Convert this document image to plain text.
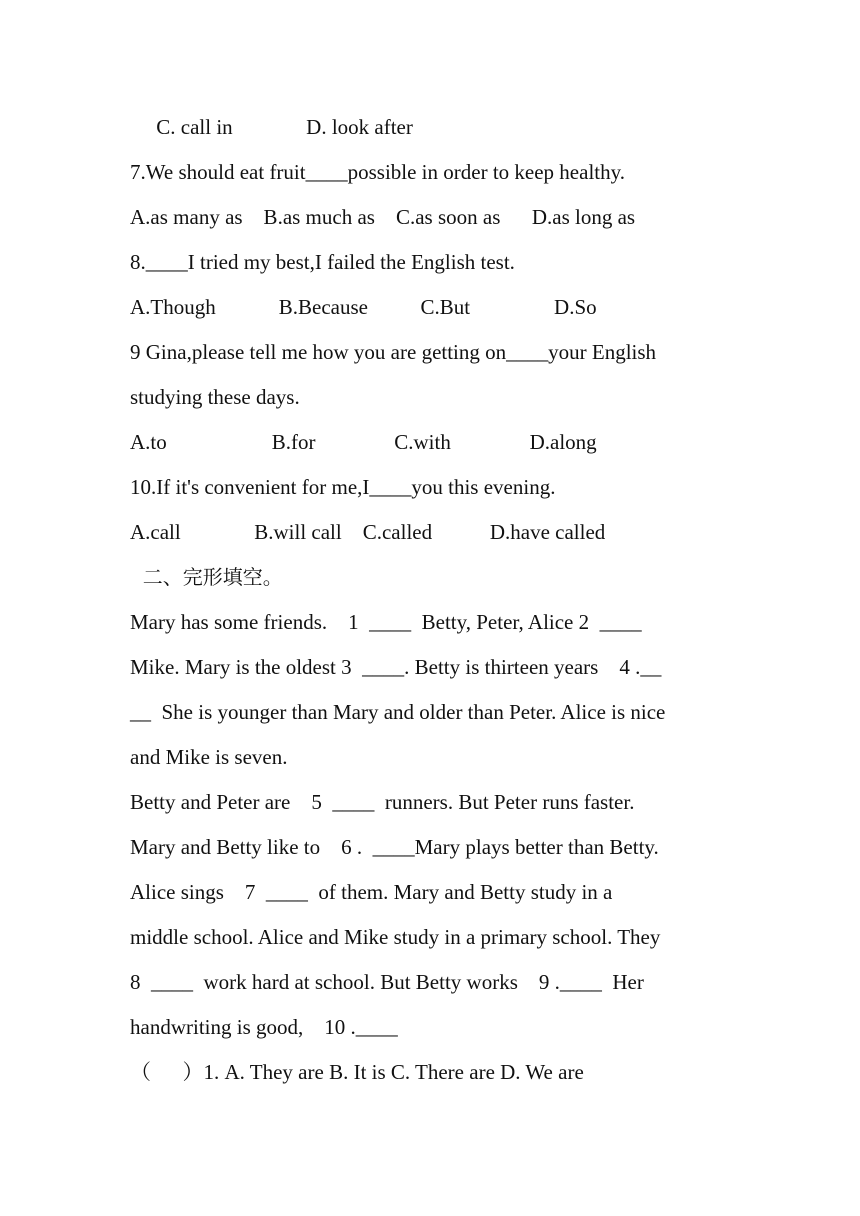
C. call in              D. look after
7.We should eat fruit____possible in order to keep healthy.
A.as many as    B.as much as    C.as soon as      D.as long as
8.____I tried my best,I failed the English test.
A.Though            B.Because          C.But                D.So
9 Gina,please tell me how you are getting on____your English
studying these days.
A.to                    B.for               C.with               D.along
10.If it's convenient for me,I____you this evening.
A.call              B.will call    C.called           D.have called
二、完形填空。
Mary has some friends.    1  ____  Betty, Peter, Alice 2  ____
Mike. Mary is the oldest 3  ____. Betty is thirteen years    4 .__
__  She is younger than Mary and older than Peter. Alice is nice
and Mike is seven.
Betty and Peter are    5  ____  runners. But Peter runs faster.
Mary and Betty like to    6 .  ____Mary plays better than Betty.
Alice sings    7  ____  of them. Mary and Betty study in a
middle school. Alice and Mike study in a primary school. They
8  ____  work hard at school. But Betty works    9 .____  Her
handwriting is good,    10 .____
（      ）1. A. They are B. It is C. There are D. We are
